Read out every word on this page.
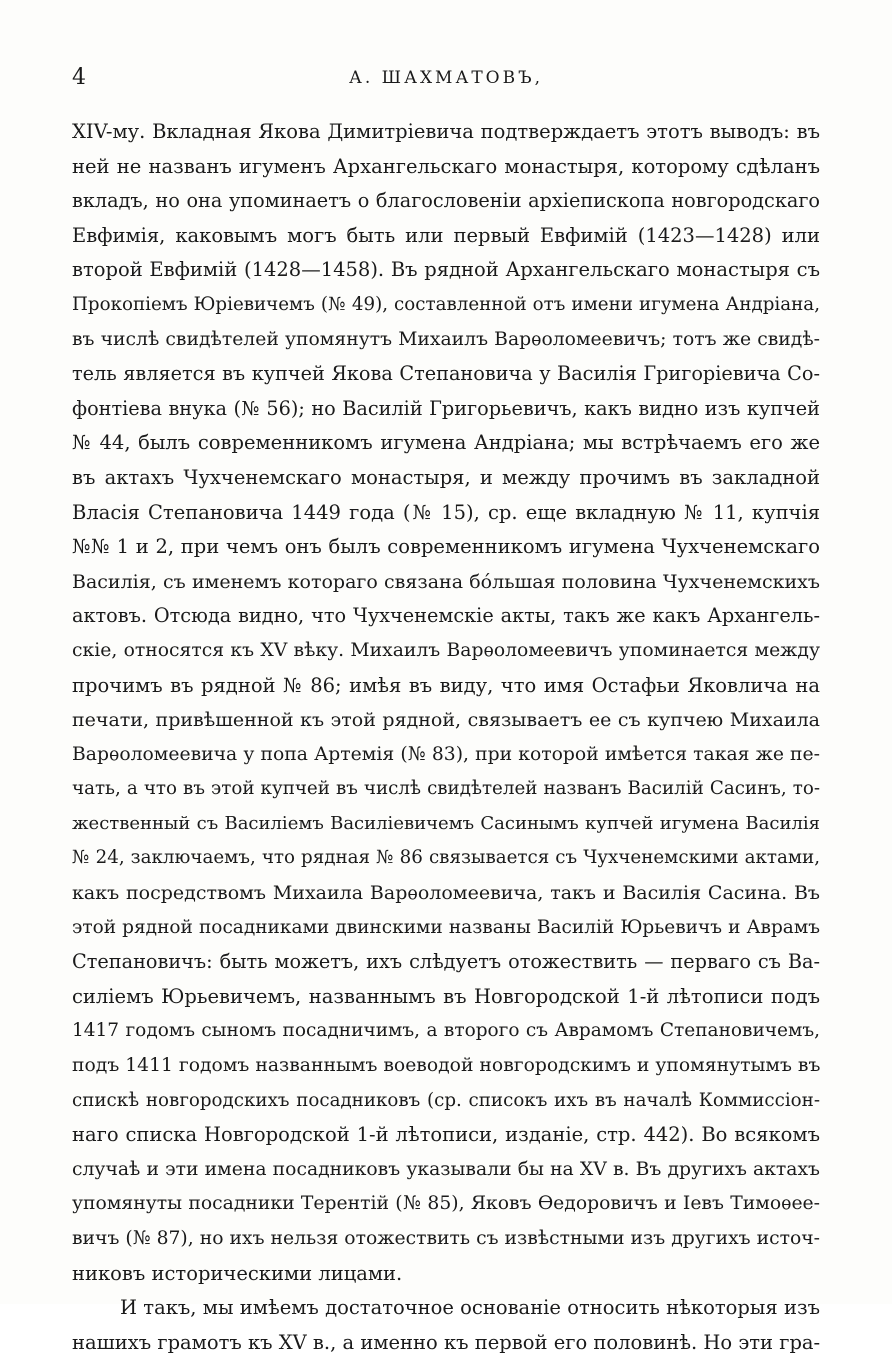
4	А. ШАХМАТОВЪ,
XIV-му. Вкладная Якова Димитріевича подтверждаетъ этотъ выводъ: въ
ней не названъ игуменъ Архангельскаго монастыря, которому сдѣланъ
вкладъ, но она упоминаетъ о благословеніи архіепископа новгородскаго
Евфимія, каковымъ могъ быть или первый Евфимій (1423—1428) или
второй Евфимій (1428—1458). Въ рядной Архангельскаго монастыря съ
Прокопіемъ Юріевичемъ (№ 49), составленной отъ имени игумена Андріана,
въ числѣ свидѣтелей упомянутъ Михаилъ Варѳоломеевичъ; тотъ же свидѣ-
тель является въ купчей Якова Степановича у Василія Григоріевича Со-
фонтіева внука (№ 56); но Василій Григорьевичъ, какъ видно изъ купчей
№ 44, былъ современникомъ игумена Андріана; мы встрѣчаемъ его же
въ актахъ Чухченемскаго монастыря, и между прочимъ въ закладной
Власія Степановича 1449 года (№ 15), ср. еще вкладную № 11, купчія
№№ 1 и 2, при чемъ онъ былъ современникомъ игумена Чухченемскаго
Василія, съ именемъ котораго связана бо́льшая половина Чухченемскихъ
актовъ. Отсюда видно, что Чухченемскіе акты, такъ же какъ Архангель-
скіе, относятся къ XV вѣку. Михаилъ Варѳоломеевичъ упоминается между
прочимъ въ рядной № 86; имѣя въ виду, что имя Остафьи Яковлича на
печати, привѣшенной къ этой рядной, связываетъ ее съ купчею Михаила
Варѳоломеевича у попа Артемія (№ 83), при которой имѣется такая же пе-
чать, а что въ этой купчей въ числѣ свидѣтелей названъ Василій Сасинъ, то-
жественный съ Василіемъ Василіевичемъ Сасинымъ купчей игумена Василія
№ 24, заключаемъ, что рядная № 86 связывается съ Чухченемскими актами,
какъ посредствомъ Михаила Варѳоломеевича, такъ и Василія Сасина. Въ
этой рядной посадниками двинскими названы Василій Юрьевичъ и Аврамъ
Степановичъ: быть можетъ, ихъ слѣдуетъ отожествить — перваго съ Ва-
силіемъ Юрьевичемъ, названнымъ въ Новгородской 1-й лѣтописи подъ
1417 годомъ сыномъ посадничимъ, а второго съ Аврамомъ Степановичемъ,
подъ 1411 годомъ названнымъ воеводой новгородскимъ и упомянутымъ въ
спискѣ новгородскихъ посадниковъ (ср. списокъ ихъ въ началѣ Коммиссіон-
наго списка Новгородской 1-й лѣтописи, изданіе, стр. 442). Во всякомъ
случаѣ и эти имена посадниковъ указывали бы на XV в. Въ другихъ актахъ
упомянуты посадники Терентій (№ 85), Яковъ Ѳедоровичъ и Іевъ Тимоѳее-
вичъ (№ 87), но ихъ нельзя отожествить съ извѣстными изъ другихъ источ-
никовъ историческими лицами.
И такъ, мы имѣемъ достаточное основаніе относить нѣкоторыя изъ
нашихъ грамотъ къ XV в., а именно къ первой его половинѣ. Но эти гра-
